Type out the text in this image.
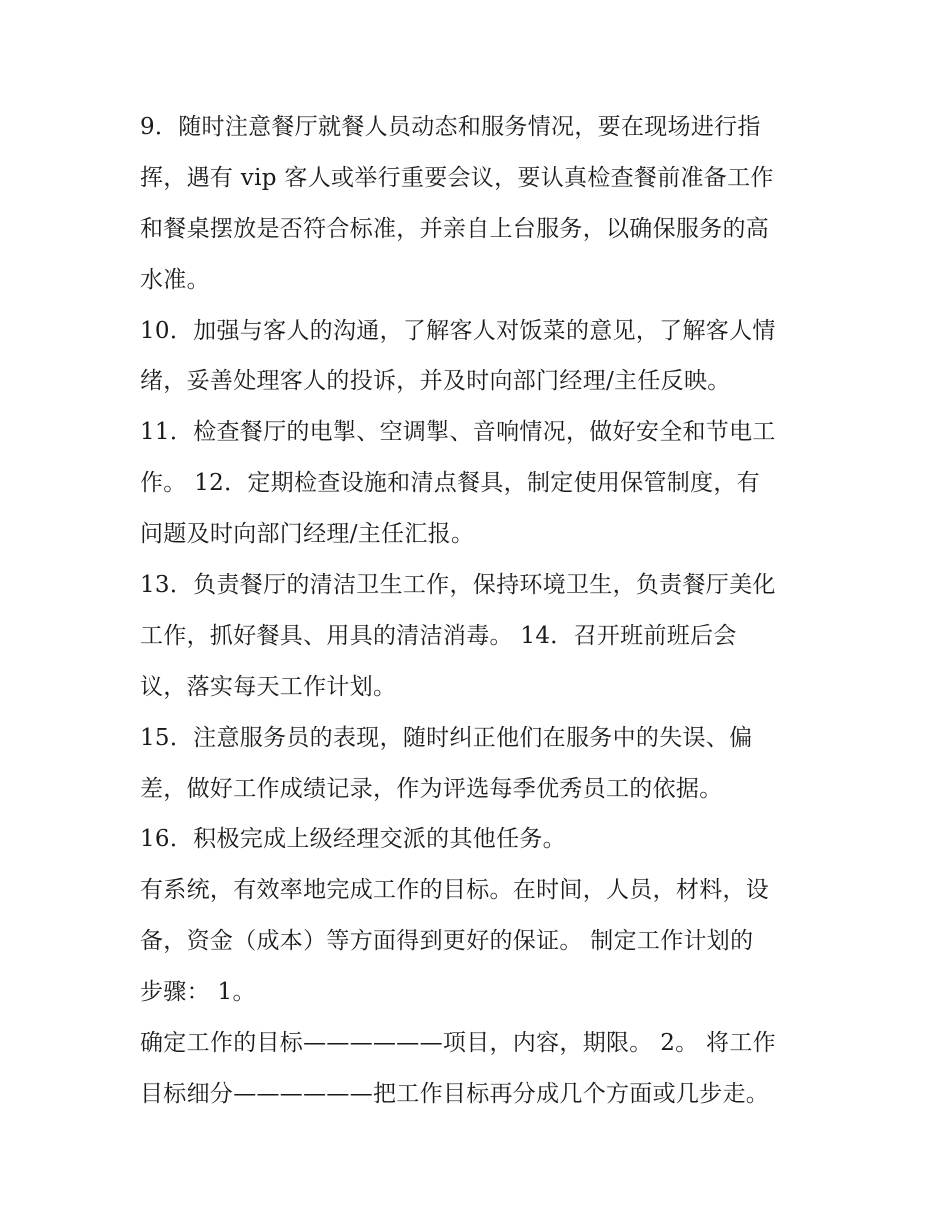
9．随时注意餐厅就餐人员动态和服务情况，要在现场进行指
挥，遇有 vip 客人或举行重要会议，要认真检查餐前准备工作
和餐桌摆放是否符合标准，并亲自上台服务，以确保服务的高
水准。
10．加强与客人的沟通，了解客人对饭菜的意见，了解客人情
绪，妥善处理客人的投诉，并及时向部门经理/主任反映。
11．检查餐厅的电掣、空调掣、音响情况，做好安全和节电工
作。 12．定期检查设施和清点餐具，制定使用保管制度，有
问题及时向部门经理/主任汇报。
13．负责餐厅的清洁卫生工作，保持环境卫生，负责餐厅美化
工作，抓好餐具、用具的清洁消毒。 14．召开班前班后会
议，落实每天工作计划。
15．注意服务员的表现，随时纠正他们在服务中的失误、偏
差，做好工作成绩记录，作为评选每季优秀员工的依据。
16．积极完成上级经理交派的其他任务。
有系统，有效率地完成工作的目标。在时间，人员，材料，设
备，资金（成本）等方面得到更好的保证。 制定工作计划的
步骤： 1。
确定工作的目标——————项目，内容，期限。 2。 将工作
目标细分——————把工作目标再分成几个方面或几步走。
